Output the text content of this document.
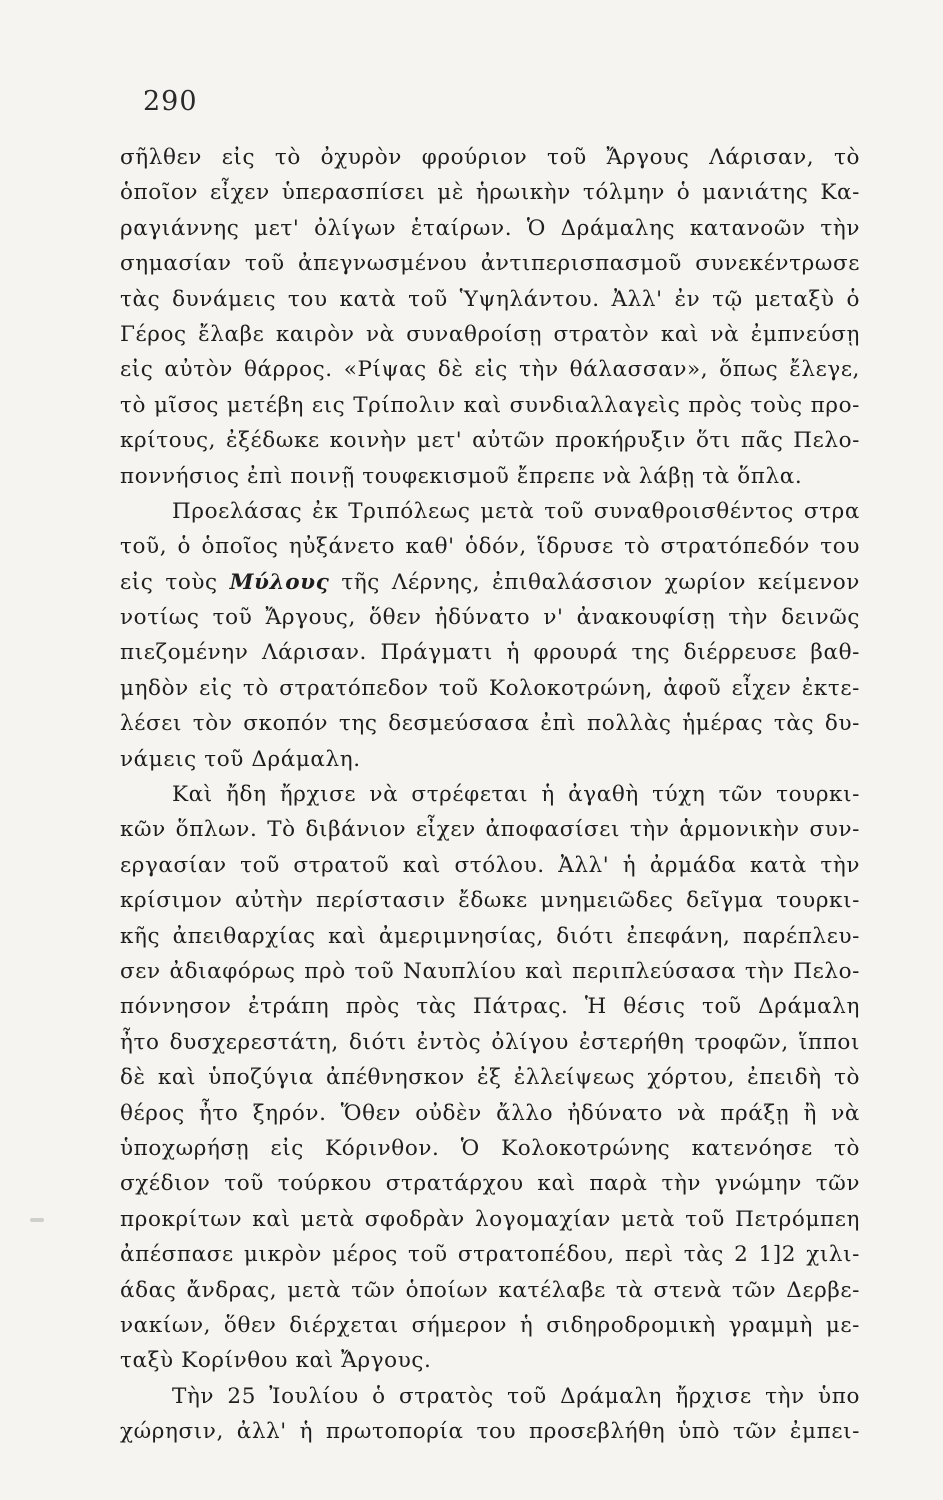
290
σῆλθεν εἰς τὸ ὀχυρὸν φρούριον τοῦ Ἄργους Λάρισαν, τὸ
ὁποῖον εἶχεν ὑπερασπίσει μὲ ἡρωικὴν τόλμην ὁ μανιάτης Κα-
ραγιάννης μετ' ὀλίγων ἑταίρων. Ὁ Δράμαλης κατανοῶν τὴν
σημασίαν τοῦ ἀπεγνωσμένου ἀντιπερισπασμοῦ συνεκέντρωσε
τὰς δυνάμεις του κατὰ τοῦ Ὑψηλάντου. Ἀλλ' ἐν τῷ μεταξὺ ὁ
Γέρος ἔλαβε καιρὸν νὰ συναθροίσῃ στρατὸν καὶ νὰ ἐμπνεύσῃ
εἰς αὐτὸν θάρρος. «Ρίψας δὲ εἰς τὴν θάλασσαν», ὅπως ἔλεγε,
τὸ μῖσος μετέβη εις Τρίπολιν καὶ συνδιαλλαγεὶς πρὸς τοὺς προ-
κρίτους, ἐξέδωκε κοινὴν μετ' αὐτῶν προκήρυξιν ὅτι πᾶς Πελο-
ποννήσιος ἐπὶ ποινῇ τουφεκισμοῦ ἔπρεπε νὰ λάβῃ τὰ ὅπλα.
Προελάσας ἐκ Τριπόλεως μετὰ τοῦ συναθροισθέντος στρα
τοῦ, ὁ ὁποῖος ηὐξάνετο καθ' ὁδόν, ἵδρυσε τὸ στρατόπεδόν του
εἰς τοὺς Μύλους τῆς Λέρνης, ἐπιθαλάσσιον χωρίον κείμενον
νοτίως τοῦ Ἄργους, ὅθεν ἠδύνατο ν' ἀνακουφίσῃ τὴν δεινῶς
πιεζομένην Λάρισαν. Πράγματι ἡ φρουρά της διέρρευσε βαθ-
μηδὸν εἰς τὸ στρατόπεδον τοῦ Κολοκοτρώνη, ἀφοῦ εἶχεν ἐκτε-
λέσει τὸν σκοπόν της δεσμεύσασα ἐπὶ πολλὰς ἡμέρας τὰς δυ-
νάμεις τοῦ Δράμαλη.
Καὶ ἤδη ἤρχισε νὰ στρέφεται ἡ ἀγαθὴ τύχη τῶν τουρκι-
κῶν ὅπλων. Τὸ διβάνιον εἶχεν ἀποφασίσει τὴν ἁρμονικὴν συν-
εργασίαν τοῦ στρατοῦ καὶ στόλου. Ἀλλ' ἡ ἀρμάδα κατὰ τὴν
κρίσιμον αὐτὴν περίστασιν ἔδωκε μνημειῶδες δεῖγμα τουρκι-
κῆς ἀπειθαρχίας καὶ ἀμεριμνησίας, διότι ἐπεφάνη, παρέπλευ-
σεν ἀδιαφόρως πρὸ τοῦ Ναυπλίου καὶ περιπλεύσασα τὴν Πελο-
πόννησον ἐτράπη πρὸς τὰς Πάτρας. Ἡ θέσις τοῦ Δράμαλη
ἦτο δυσχερεστάτη, διότι ἐντὸς ὀλίγου ἐστερήθη τροφῶν, ἵπποι
δὲ καὶ ὑποζύγια ἀπέθνησκον ἐξ ἐλλείψεως χόρτου, ἐπειδὴ τὸ
θέρος ἦτο ξηρόν. Ὅθεν οὐδὲν ἄλλο ἠδύνατο νὰ πράξῃ ἢ νὰ
ὑποχωρήσῃ εἰς Κόρινθον. Ὁ Κολοκοτρώνης κατενόησε τὸ
σχέδιον τοῦ τούρκου στρατάρχου καὶ παρὰ τὴν γνώμην τῶν
προκρίτων καὶ μετὰ σφοδρὰν λογομαχίαν μετὰ τοῦ Πετρόμπεη
ἀπέσπασε μικρὸν μέρος τοῦ στρατοπέδου, περὶ τὰς 2 1]2 χιλι-
άδας ἄνδρας, μετὰ τῶν ὁποίων κατέλαβε τὰ στενὰ τῶν Δερβε-
νακίων, ὅθεν διέρχεται σήμερον ἡ σιδηροδρομικὴ γραμμὴ με-
ταξὺ Κορίνθου καὶ Ἄργους.
Τὴν 25 Ἰουλίου ὁ στρατὸς τοῦ Δράμαλη ἤρχισε τὴν ὑπο
χώρησιν, ἀλλ' ἡ πρωτοπορία του προσεβλήθη ὑπὸ τῶν ἐμπει-
